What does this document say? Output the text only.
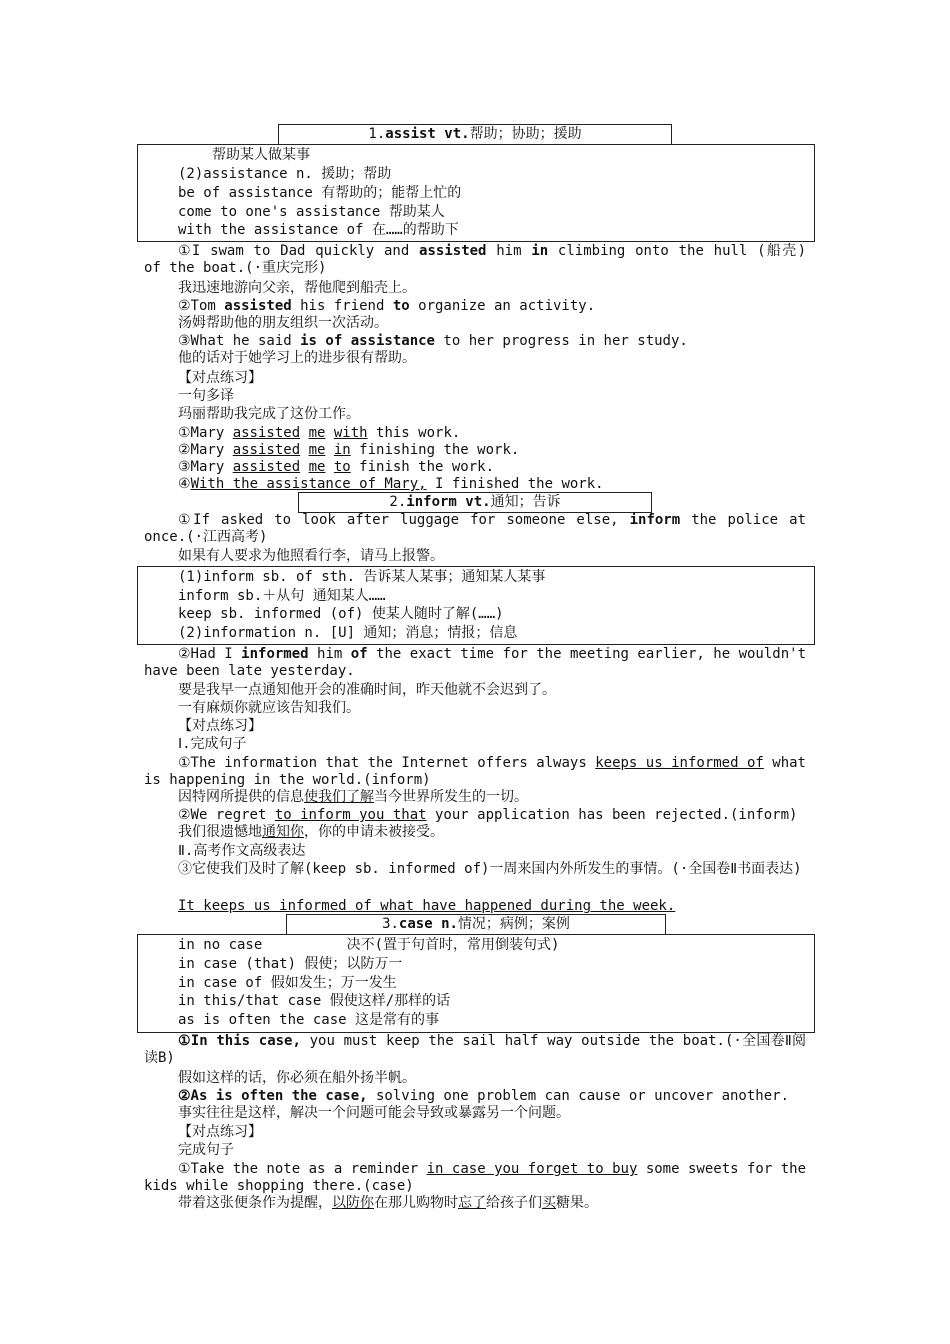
1.assist vt.帮助；协助；援助
帮助某人做某事
(2)assistance n. 援助；帮助
be of assistance 有帮助的；能帮上忙的
come to one's assistance 帮助某人
with the assistance of 在……的帮助下
①I swam to Dad quickly and assisted him in climbing onto the hull (船壳) of the boat.(·重庆完形)
我迅速地游向父亲，帮他爬到船壳上。
②Tom assisted his friend to organize an activity.
汤姆帮助他的朋友组织一次活动。
③What he said is of assistance to her progress in her study.
他的话对于她学习上的进步很有帮助。
【对点练习】
一句多译
玛丽帮助我完成了这份工作。
①Mary assisted me with this work.
②Mary assisted me in finishing the work.
③Mary assisted me to finish the work.
④With the assistance of Mary, I finished the work.
2.inform vt.通知；告诉
①If asked to look after luggage for someone else, inform the police at once.(·江西高考)
如果有人要求为他照看行李，请马上报警。
(1)inform sb. of sth. 告诉某人某事；通知某人某事
inform sb.＋从句 通知某人……
keep sb. informed (of) 使某人随时了解(……)
(2)information n. [U] 通知；消息；情报；信息
②Had I informed him of the exact time for the meeting earlier, he wouldn't have been late yesterday.
要是我早一点通知他开会的准确时间，昨天他就不会迟到了。
一有麻烦你就应该告知我们。
【对点练习】
Ⅰ.完成句子
①The information that the Internet offers always keeps us informed of what is happening in the world.(inform)
因特网所提供的信息使我们了解当今世界所发生的一切。
②We regret to inform you that your application has been rejected.(inform)
我们很遗憾地通知你，你的申请未被接受。
Ⅱ.高考作文高级表达
③它使我们及时了解(keep sb. informed of)一周来国内外所发生的事情。(·全国卷Ⅱ书面表达)
It keeps us informed of what have happened during the week.
3.case n.情况；病例；案例
in no case          决不(置于句首时，常用倒装句式)
in case (that) 假使；以防万一
in case of 假如发生；万一发生
in this/that case 假使这样/那样的话
as is often the case 这是常有的事
①In this case, you must keep the sail half way outside the boat.(·全国卷Ⅱ阅读B)
假如这样的话，你必须在船外扬半帆。
②As is often the case, solving one problem can cause or uncover another.
事实往往是这样，解决一个问题可能会导致或暴露另一个问题。
【对点练习】
完成句子
①Take the note as a reminder in case you forget to buy some sweets for the kids while shopping there.(case)
带着这张便条作为提醒，以防你在那儿购物时忘了给孩子们买糖果。
